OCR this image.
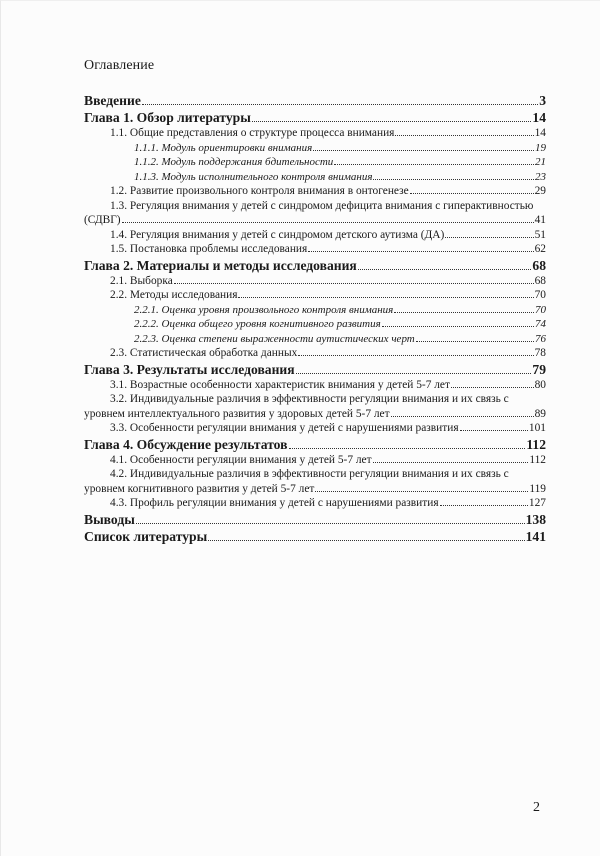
Оглавление
Введение	3
Глава 1. Обзор литературы	14
1.1. Общие представления о структуре процесса внимания	14
1.1.1. Модуль ориентировки внимания	19
1.1.2. Модуль поддержания бдительности	21
1.1.3. Модуль исполнительного контроля внимания	23
1.2. Развитие произвольного контроля внимания в онтогенезе	29
1.3. Регуляция внимания у детей с синдромом дефицита внимания с гиперактивностью
(СДВГ)	41
1.4. Регуляция внимания у детей с синдромом детского аутизма (ДА)	51
1.5. Постановка проблемы исследования	62
Глава 2. Материалы и методы исследования	68
2.1. Выборка	68
2.2. Методы исследования	70
2.2.1. Оценка уровня произвольного контроля внимания	70
2.2.2. Оценка общего уровня когнитивного развития	74
2.2.3. Оценка степени выраженности аутистических черт	76
2.3. Статистическая обработка данных	78
Глава 3. Результаты исследования	79
3.1. Возрастные особенности характеристик внимания у детей 5-7 лет	80
3.2. Индивидуальные различия в эффективности регуляции внимания и их связь с
уровнем интеллектуального развития у здоровых детей 5-7 лет	89
3.3. Особенности регуляции внимания у детей с нарушениями развития	101
Глава 4. Обсуждение результатов	112
4.1. Особенности регуляции внимания у детей 5-7 лет	112
4.2. Индивидуальные различия в эффективности регуляции внимания и их связь с
уровнем когнитивного развития у детей 5-7 лет	119
4.3. Профиль регуляции внимания у детей с нарушениями развития	127
Выводы	138
Список литературы	141
2
